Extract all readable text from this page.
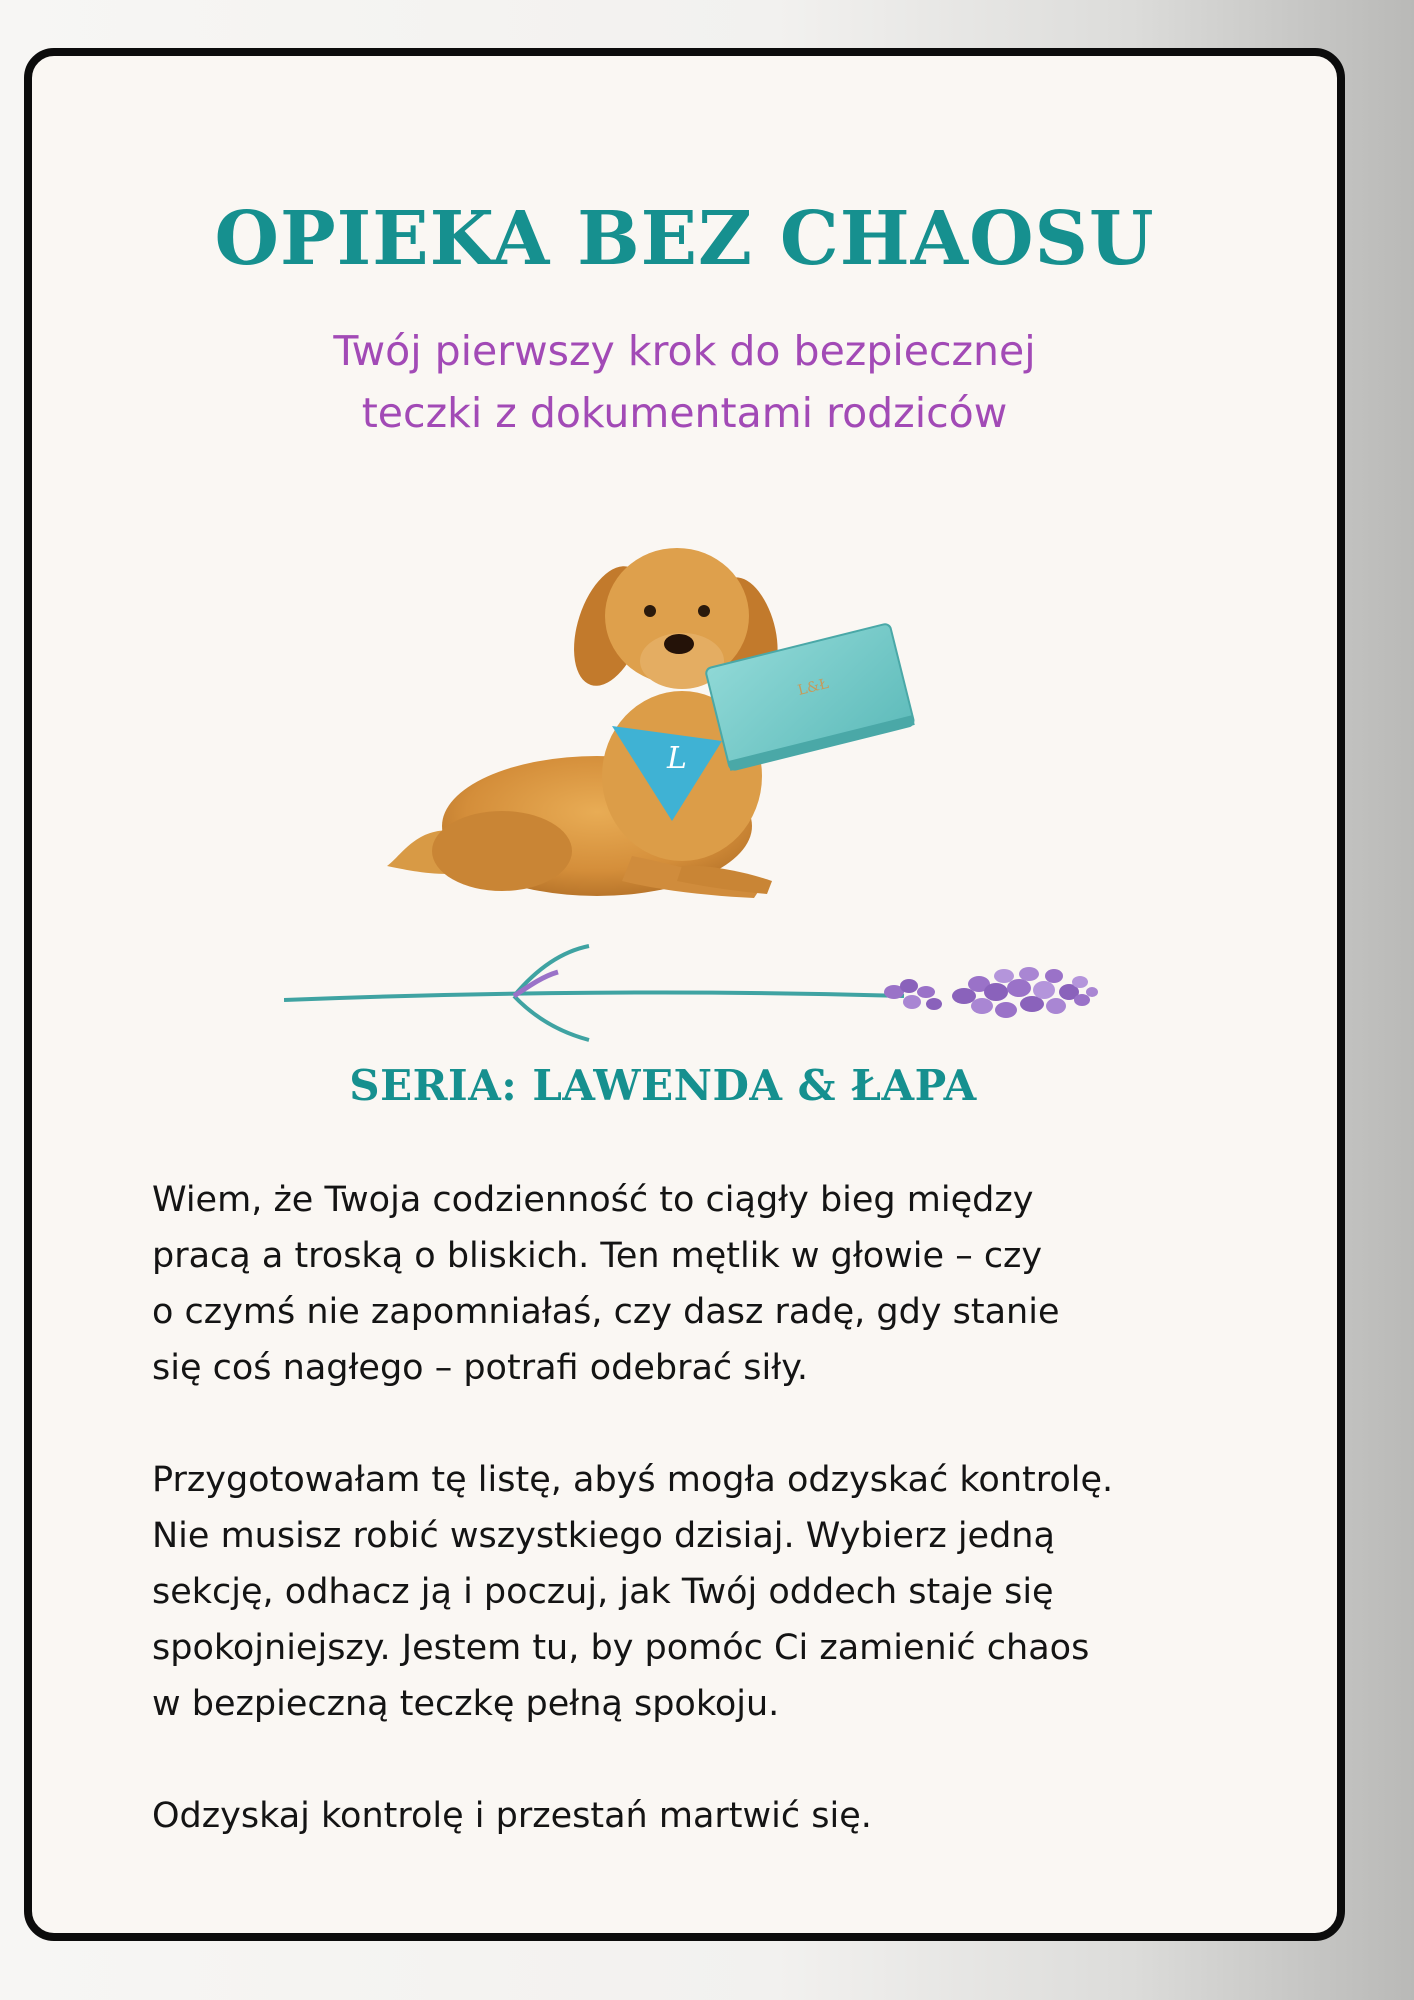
OPIEKA BEZ CHAOSU
Twój pierwszy krok do bezpiecznej
teczki z dokumentami rodziców
L
L&Ł
SERIA: LAWENDA & ŁAPA

Wiem, że Twoja codzienność to ciągły bieg między
pracą a troską o bliskich. Ten mętlik w głowie – czy
o czymś nie zapomniałaś, czy dasz radę, gdy stanie
się coś nagłego – potrafi odebrać siły.

Przygotowałam tę listę, abyś mogła odzyskać kontrolę.
Nie musisz robić wszystkiego dzisiaj. Wybierz jedną
sekcję, odhacz ją i poczuj, jak Twój oddech staje się
spokojniejszy. Jestem tu, by pomóc Ci zamienić chaos
w bezpieczną teczkę pełną spokoju.

Odzyskaj kontrolę i przestań martwić się.
